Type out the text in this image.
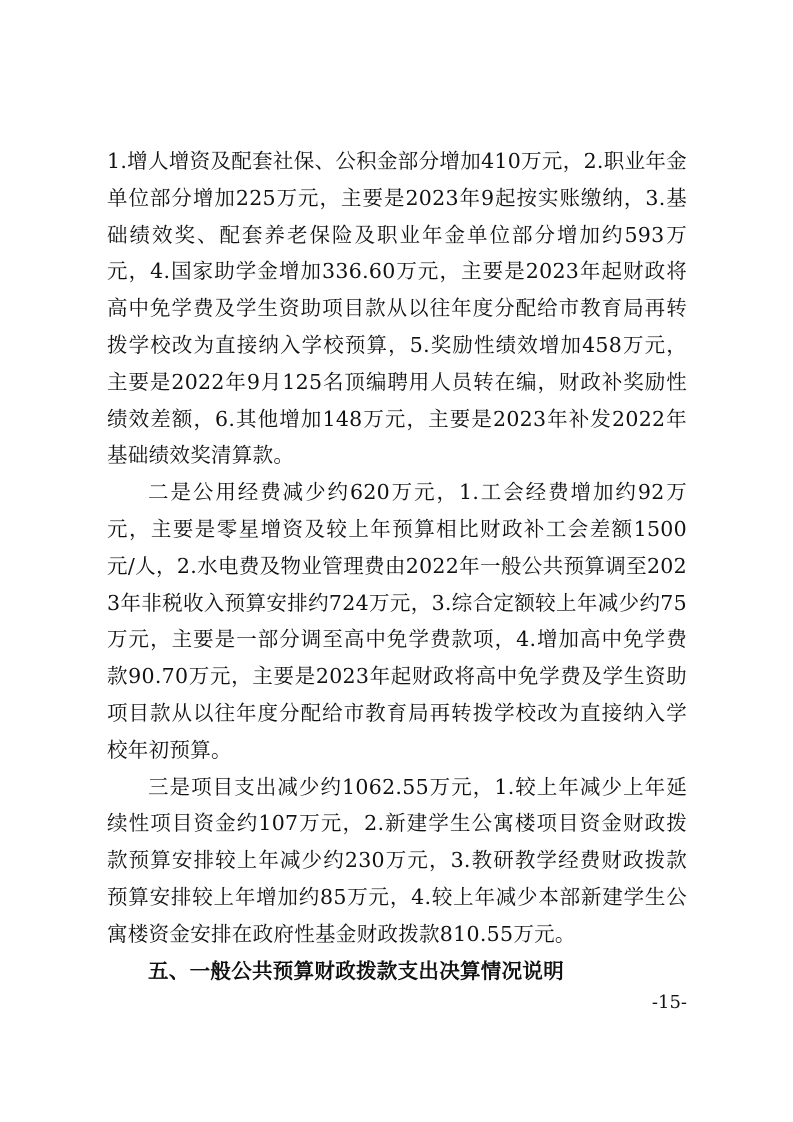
1.增人增资及配套社保、公积金部分增加410万元，2.职业年金单位部分增加225万元，主要是2023年9起按实账缴纳，3.基础绩效奖、配套养老保险及职业年金单位部分增加约593万元，4.国家助学金增加336.60万元，主要是2023年起财政将高中免学费及学生资助项目款从以往年度分配给市教育局再转拨学校改为直接纳入学校预算，5.奖励性绩效增加458万元，主要是2022年9月125名顶编聘用人员转在编，财政补奖励性绩效差额，6.其他增加148万元，主要是2023年补发2022年基础绩效奖清算款。

二是公用经费减少约620万元，1.工会经费增加约92万元，主要是零星增资及较上年预算相比财政补工会差额1500元/人，2.水电费及物业管理费由2022年一般公共预算调至2023年非税收入预算安排约724万元，3.综合定额较上年减少约75万元，主要是一部分调至高中免学费款项，4.增加高中免学费款90.70万元，主要是2023年起财政将高中免学费及学生资助项目款从以往年度分配给市教育局再转拨学校改为直接纳入学校年初预算。

三是项目支出减少约1062.55万元，1.较上年减少上年延续性项目资金约107万元，2.新建学生公寓楼项目资金财政拨款预算安排较上年减少约230万元，3.教研教学经费财政拨款预算安排较上年增加约85万元，4.较上年减少本部新建学生公寓楼资金安排在政府性基金财政拨款810.55万元。

五、一般公共预算财政拨款支出决算情况说明

-15-
